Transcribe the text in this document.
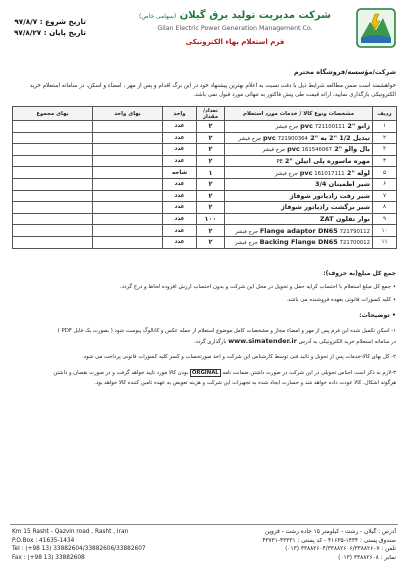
شرکت مدیریت تولید برق گیلان (سهامی خاص)
Gilan Electric Power Generation Management Co.
فرم استعلام بهاء الکترونیکی
تاریخ شروع : ۹۷/۸/۷
تاریخ پایان : ۹۷/۸/۲۷
شرکت/مؤسسه/فروشگاه محترم
خواهشمند است ضمن مطالعه شرایط ذیل با دقت نسبت به اعلام بهترین پیشنهاد خود در این برگ اقدام و پس از مهر ، امضاء و اسکن، در سامانه استعلام خرید
الکترونیکی بازگذاری نمایید، ارائه قیمت طی پیش فاکتور به تنهائی مورد قبول نمی باشد.
ردیف	مشخصات ونوع کالا / خدمات مورد استعلام	تعداد/
مقدار	واحد	بهای واحد	بهای مجموع
۱	زانو "2 pvc 721100111 جرج فیشر	۲	عدد		
۲	تبدیل 1/2 "2 به "2 pvc 721900364 جرج فیشر	۲	عدد		
۳	بال والو "2 pvc 161546067 جرج فیشر	۲	عدد		
۴	مهره ماسوره پلی اتیلن "2 PE	۲	عدد		
۵	لوله "2 pvc 161017111 جرج فیشر	۱	شاخه		
۶	شیر اطمینان 3/4	۲	عدد		
۷	شیر رفت رادیاتور شوفاژ	۲	عدد		
۸	شیر برگشت رادیاتور شوفاژ	۲	عدد		
۹	نوار تفلون ZAT	۱۰۰	عدد		
۱۰	Flange adaptor DN65 721790112 جرج فیشر	۲	عدد		
۱۱	Backing Flange DN65 721700012 جرج فیشر	۲	عدد		
جمع کل مبلغ(به حروف):
• جمع کل مبلغ استعلام با احتساب کرایه حمل و تحویل در محل این شرکت و بدون احتساب ارزش افزوده لحاظ و درج گردد.
• کلیه کسورات قانونی بعهده فروشنده می باشد.
• توضیحات:
۱- اسکن تکمیل شده این فرم پس از مهر و امضاء مجاز و مشخصات کامل موضوع استعلام از جمله عکس و کاتالوگ پیوست شود ( بصورت یک فایل PDF )
در سامانه استعلام خرید الکترونیکی به آدرس www.simatender.ir بارگذاری گردد.
۲- کل بهای کالا-خدمات پس از تحویل و تائید فنی توسط کارشناس این شرکت و اخذ صورتحساب و کسر کلیه کسورات قانونی پرداخت می شود.
۳-لازم به ذکر است اجناس تحویلی در این شرکت در صورت داشتن ضمانت نامه ORGINAL بودن کالا مورد تایید خواهد گرفت و در صورت نقصان و داشتن
هرگونه اشکال، کالا عودت داده خواهد شد و خسارت ایجاد شده به تجهیزات این شرکت و هزینه تعویض به عهده تامین کننده کالا خواهد بود.
Km 15 Rasht - Qazvin road , Rasht , Iran
P.O.Box : 41635-1434
Tel : (+98 13) 33882604/33882606/33882607
Fax : (+98 13) 33882608
آدرس : گیلان - رشت - کیلومتر ۱۵ جاده رشت - قزوین
صندوق پستی : ۱۴۳۴-۴۱۶۳۵ - کد پستی : ۴۳۳۳۱-۴۳۷۳۱
تلفن : ۳۳۸۸۲۶۰۴/۳۳۸۸۲۶۰۶/۳۳۸۸۲۶۰۷ (۰۱۳)
نمابر : ۳۳۸۸۲۶۰۸ (۰۱۳)
